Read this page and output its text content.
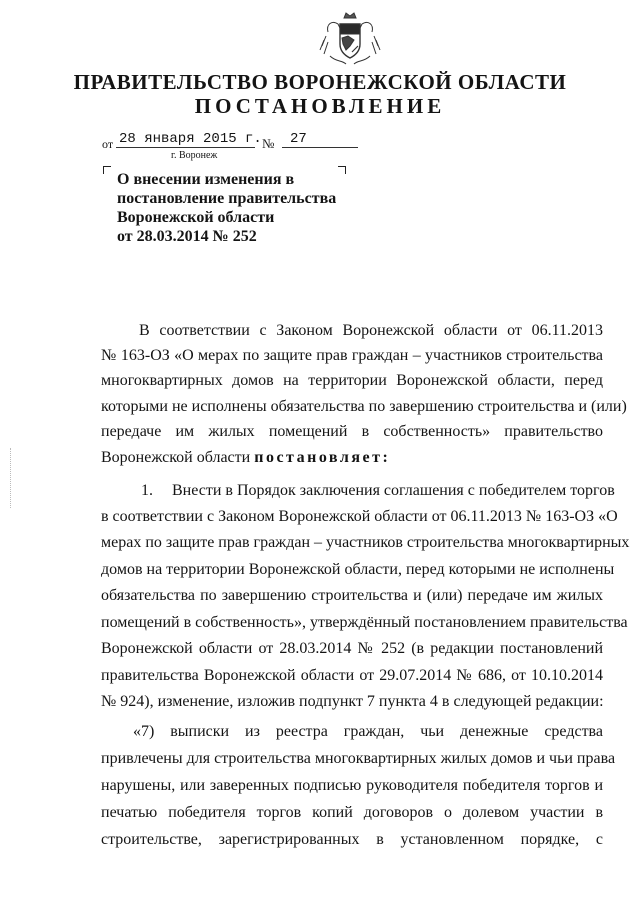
ПРАВИТЕЛЬСТВО ВОРОНЕЖСКОЙ ОБЛАСТИ
ПОСТАНОВЛЕНИЕ
от 28 января 2015 г. №	27
г. Воронеж
О внесении изменения в
постановление правительства
Воронежской области
от 28.03.2014 № 252
В соответствии с Законом Воронежской области от 06.11.2013
№ 163-ОЗ «О мерах по защите прав граждан – участников строительства
многоквартирных домов на территории Воронежской области, перед
которыми не исполнены обязательства по завершению строительства и (или)
передаче им жилых помещений в собственность» правительство
Воронежской области постановляет:
1. Внести в Порядок заключения соглашения с победителем торгов
в соответствии с Законом Воронежской области от 06.11.2013 № 163-ОЗ «О
мерах по защите прав граждан – участников строительства многоквартирных
домов на территории Воронежской области, перед которыми не исполнены
обязательства по завершению строительства и (или) передаче им жилых
помещений в собственность», утверждённый постановлением правительства
Воронежской области от 28.03.2014 № 252 (в редакции постановлений
правительства Воронежской области от 29.07.2014 № 686, от 10.10.2014
№ 924), изменение, изложив подпункт 7 пункта 4 в следующей редакции:
«7) выписки из реестра граждан, чьи денежные средства
привлечены для строительства многоквартирных жилых домов и чьи права
нарушены, или заверенных подписью руководителя победителя торгов и
печатью победителя торгов копий договоров о долевом участии в
строительстве, зарегистрированных в установленном порядке, с
